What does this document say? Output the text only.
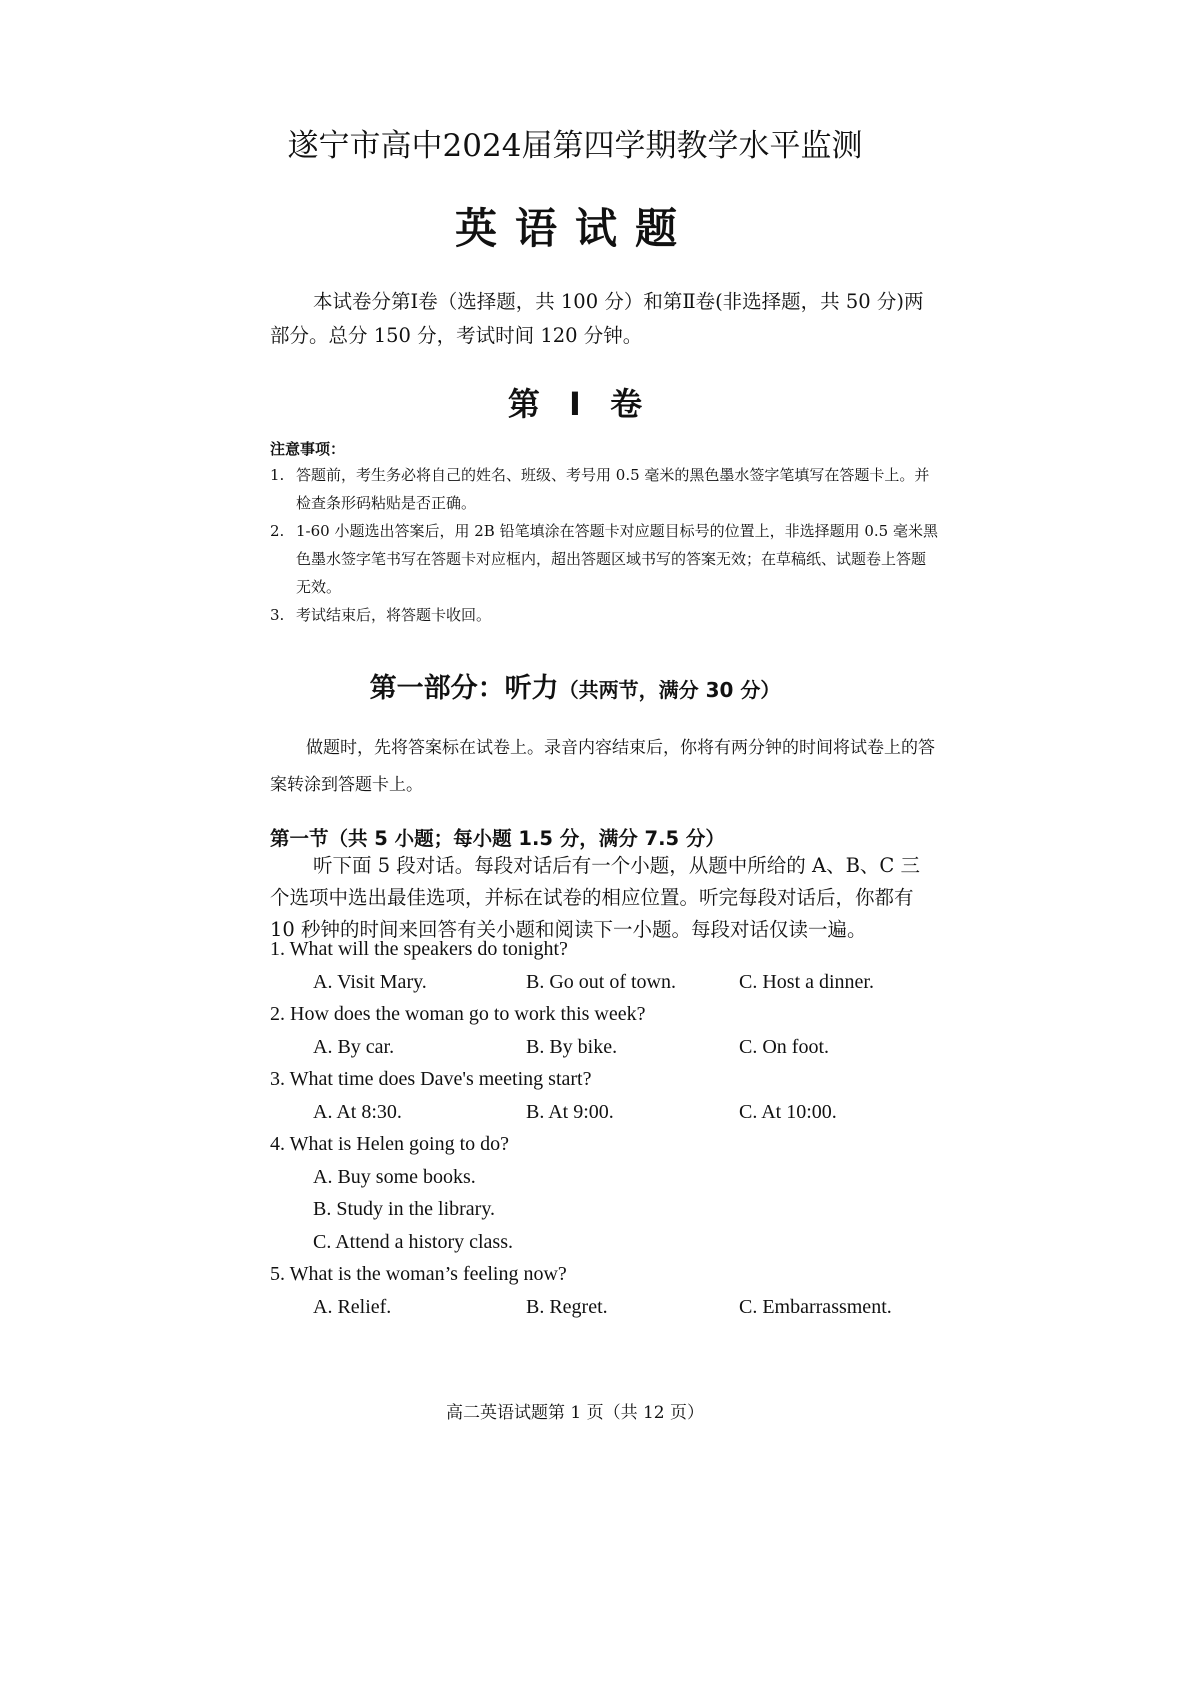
遂宁市高中2024届第四学期教学水平监测
英语试题
本试卷分第Ⅰ卷（选择题，共 100 分）和第Ⅱ卷(非选择题，共 50 分)两部分。总分 150 分，考试时间 120 分钟。
第 Ⅰ 卷
注意事项：
1. 答题前，考生务必将自己的姓名、班级、考号用 0.5 毫米的黑色墨水签字笔填写在答题卡上。并检查条形码粘贴是否正确。
2. 1-60 小题选出答案后，用 2B 铅笔填涂在答题卡对应题目标号的位置上，非选择题用 0.5 毫米黑色墨水签字笔书写在答题卡对应框内，超出答题区域书写的答案无效；在草稿纸、试题卷上答题无效。
3. 考试结束后，将答题卡收回。
第一部分：听力（共两节，满分 30 分）
做题时，先将答案标在试卷上。录音内容结束后，你将有两分钟的时间将试卷上的答案转涂到答题卡上。
第一节（共 5 小题；每小题 1.5 分，满分 7.5 分）
听下面 5 段对话。每段对话后有一个小题，从题中所给的 A、B、C 三个选项中选出最佳选项，并标在试卷的相应位置。听完每段对话后，你都有 10 秒钟的时间来回答有关小题和阅读下一小题。每段对话仅读一遍。
1. What will the speakers do tonight?
A. Visit Mary.	B. Go out of town.	C. Host a dinner.
2. How does the woman go to work this week?
A. By car.	B. By bike.	C. On foot.
3. What time does Dave's meeting start?
A. At 8:30.	B. At 9:00.	C. At 10:00.
4. What is Helen going to do?
A. Buy some books.
B. Study in the library.
C. Attend a history class.
5. What is the woman’s feeling now?
A. Relief.	B. Regret.	C. Embarrassment.
高二英语试题第 1 页（共 12 页）
